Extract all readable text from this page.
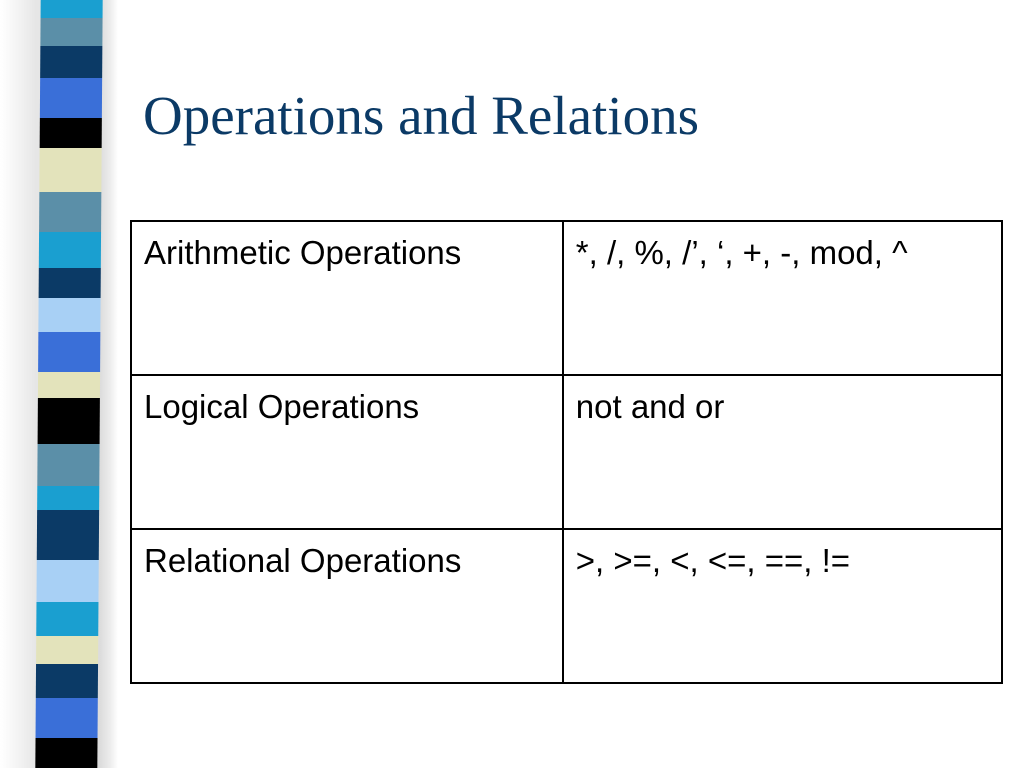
Operations and Relations
Arithmetic Operations	*, /, %, /’, ‘, +, -, mod, ^
Logical Operations	not and or
Relational Operations	>, >=, <, <=, ==, !=
